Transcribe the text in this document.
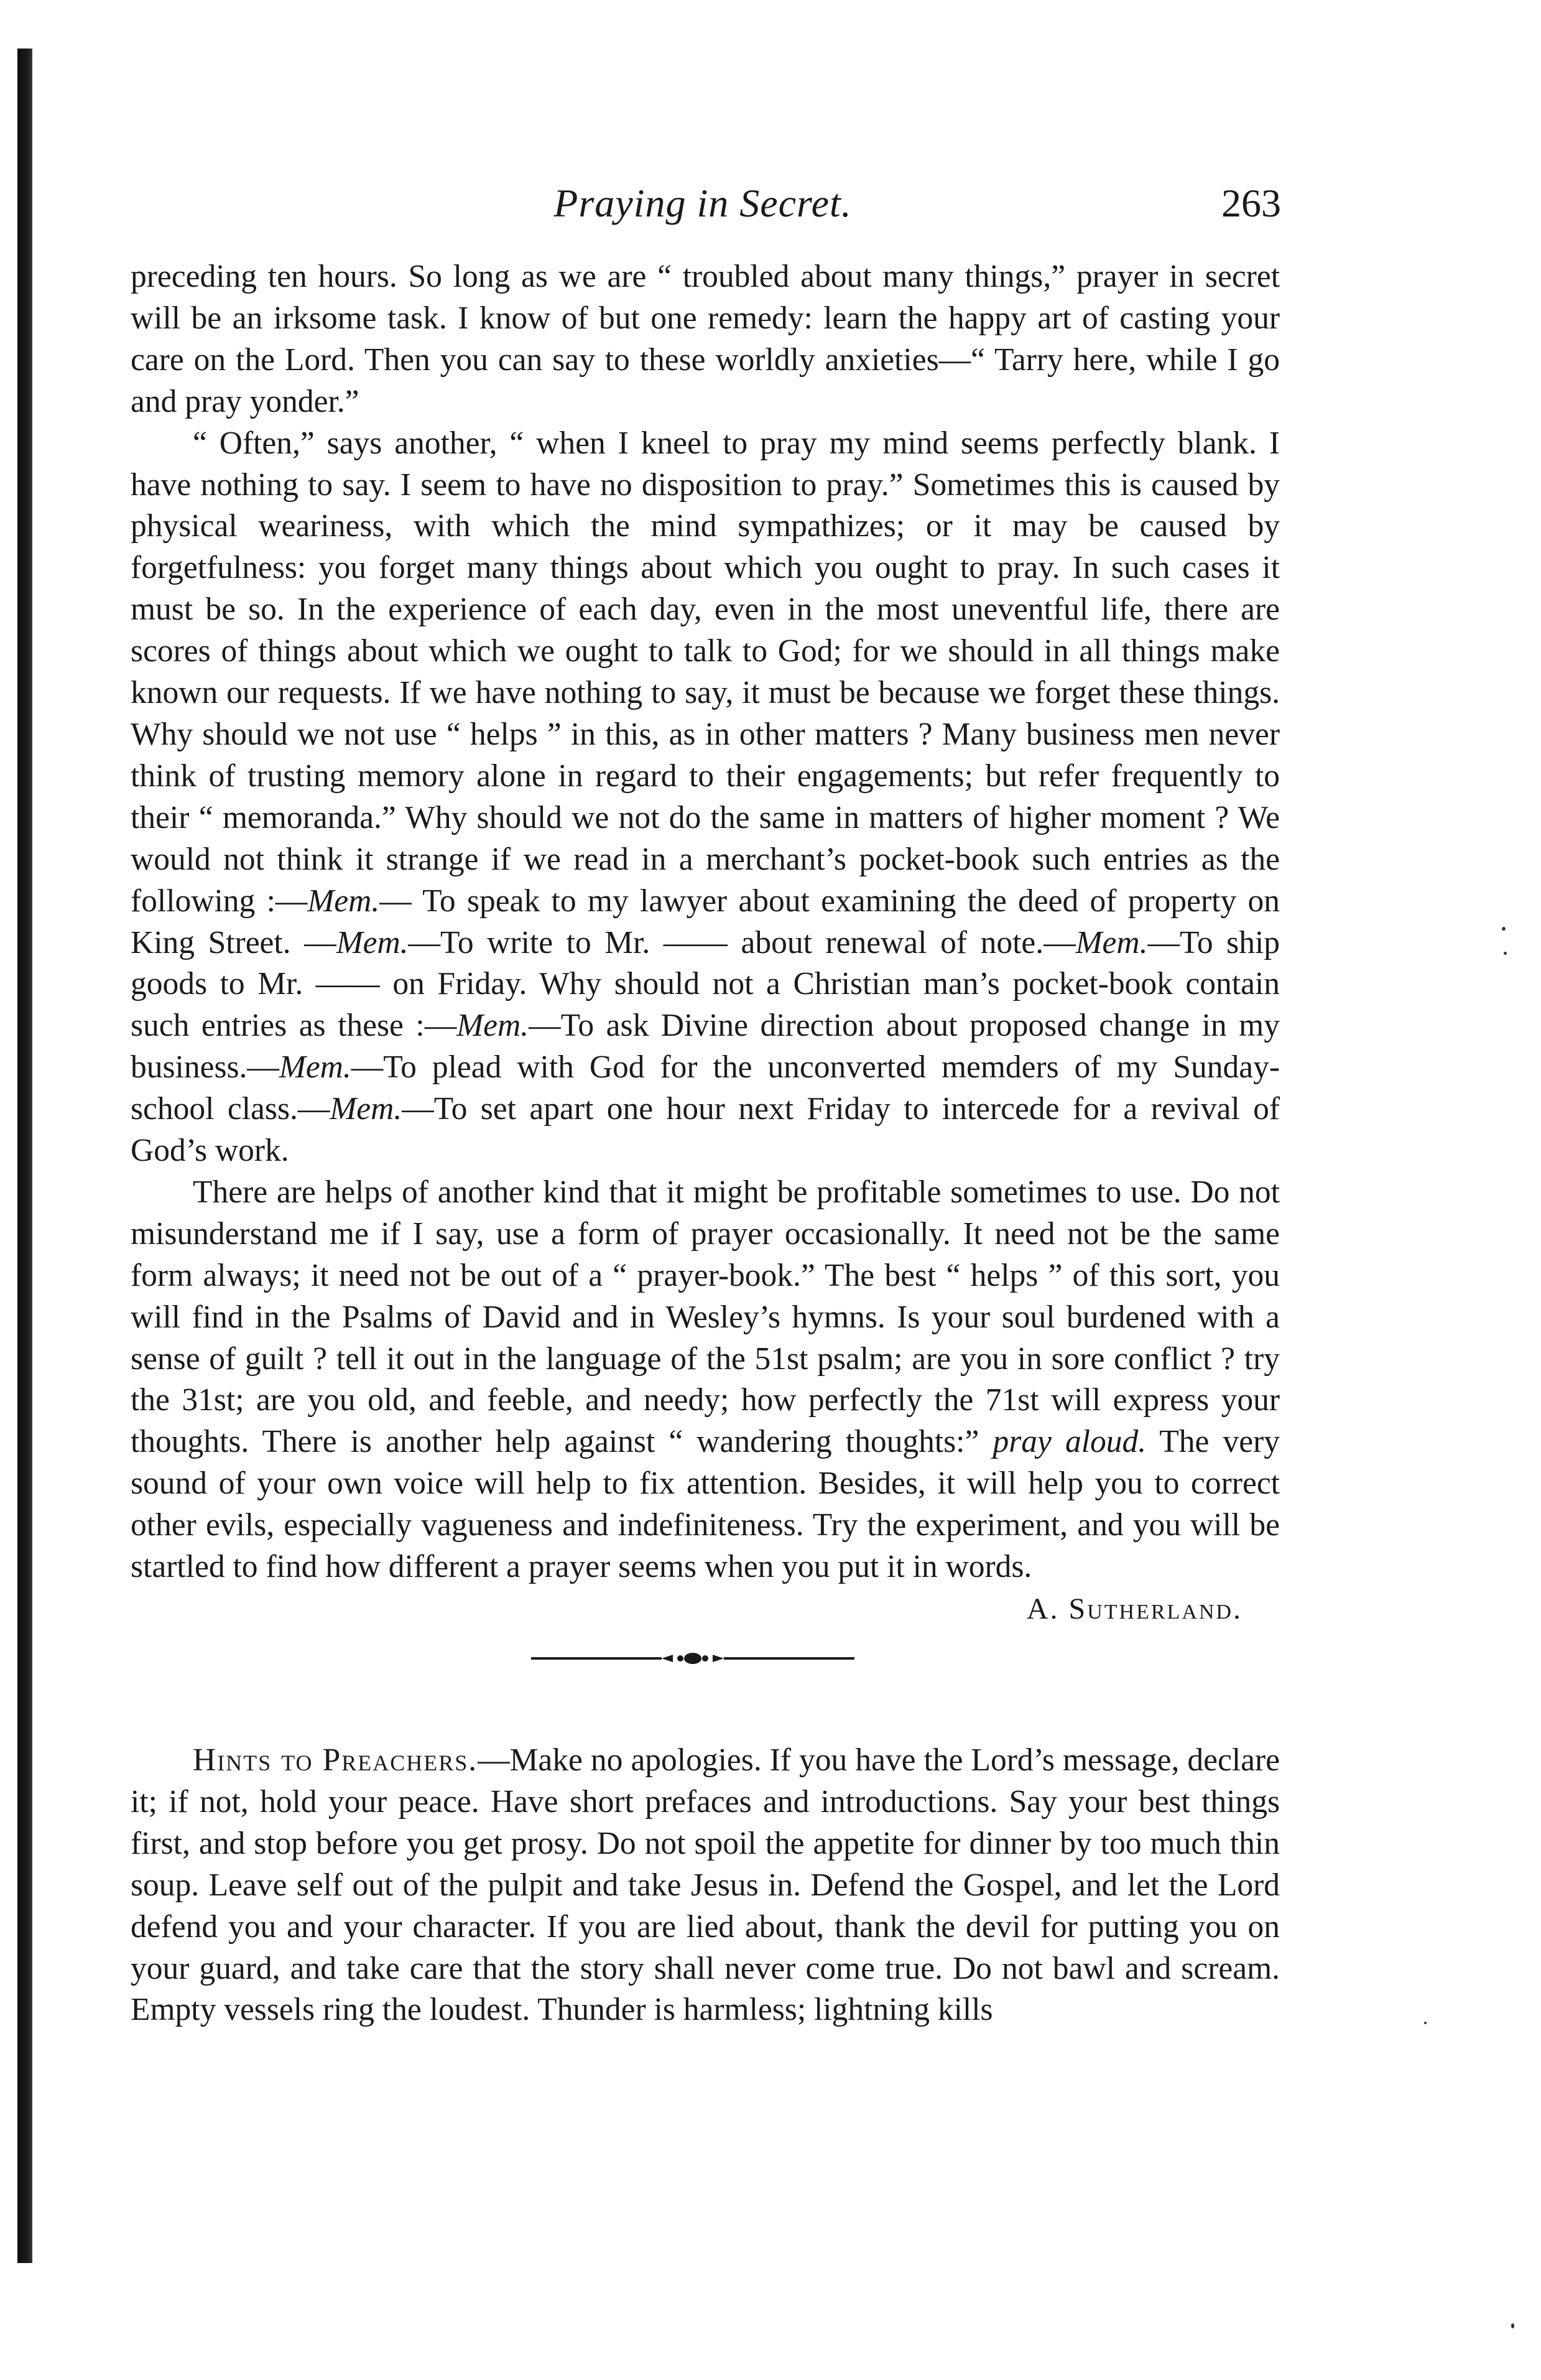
Praying in Secret.	263

preceding ten hours. So long as we are “ troubled about many things,” prayer in secret will be an irksome task. I know of but one remedy: learn the happy art of casting your care on the Lord. Then you can say to these worldly anxieties—“ Tarry here, while I go and pray yonder.”

“ Often,” says another, “ when I kneel to pray my mind seems perfectly blank. I have nothing to say. I seem to have no disposition to pray.” Sometimes this is caused by physical weariness, with which the mind sympathizes; or it may be caused by forgetfulness: you forget many things about which you ought to pray. In such cases it must be so. In the experience of each day, even in the most uneventful life, there are scores of things about which we ought to talk to God; for we should in all things make known our requests. If we have nothing to say, it must be because we forget these things. Why should we not use “ helps ” in this, as in other matters ? Many business men never think of trusting memory alone in regard to their engagements; but refer frequently to their “ memoranda.” Why should we not do the same in matters of higher moment ? We would not think it strange if we read in a merchant’s pocket-book such entries as the following :—Mem.— To speak to my lawyer about examining the deed of property on King Street. —Mem.—To write to Mr. —— about renewal of note.—Mem.—To ship goods to Mr. —— on Friday. Why should not a Christian man’s pocket-book contain such entries as these :—Mem.—To ask Divine direction about proposed change in my business.—Mem.—To plead with God for the unconverted memders of my Sunday-school class.—Mem.—To set apart one hour next Friday to intercede for a revival of God’s work.

There are helps of another kind that it might be profitable sometimes to use. Do not misunderstand me if I say, use a form of prayer occasionally. It need not be the same form always; it need not be out of a “ prayer-book.” The best “ helps ” of this sort, you will find in the Psalms of David and in Wesley’s hymns. Is your soul burdened with a sense of guilt ? tell it out in the language of the 51st psalm; are you in sore conflict ? try the 31st; are you old, and feeble, and needy; how perfectly the 71st will express your thoughts. There is another help against “ wandering thoughts:” pray aloud. The very sound of your own voice will help to fix attention. Besides, it will help you to correct other evils, especially vagueness and indefiniteness. Try the experiment, and you will be startled to find how different a prayer seems when you put it in words.

A. Sutherland.

Hints to Preachers.—Make no apologies. If you have the Lord’s message, declare it; if not, hold your peace. Have short prefaces and introductions. Say your best things first, and stop before you get prosy. Do not spoil the appetite for dinner by too much thin soup. Leave self out of the pulpit and take Jesus in. Defend the Gospel, and let the Lord defend you and your character. If you are lied about, thank the devil for putting you on your guard, and take care that the story shall never come true. Do not bawl and scream. Empty vessels ring the loudest. Thunder is harmless; lightning kills
